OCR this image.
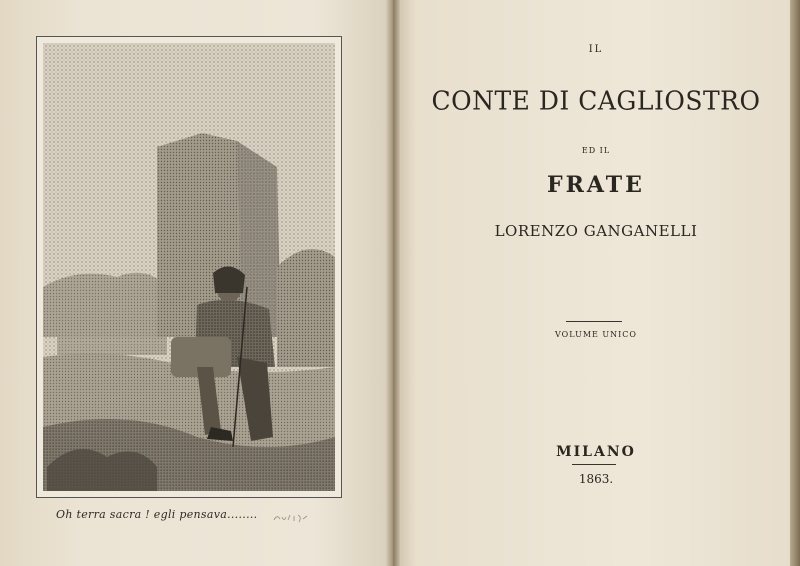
Oh terra sacra ! egli pensava........
IL
CONTE DI CAGLIOSTRO
ED IL
FRATE
LORENZO GANGANELLI
VOLUME UNICO
MILANO
1863.
